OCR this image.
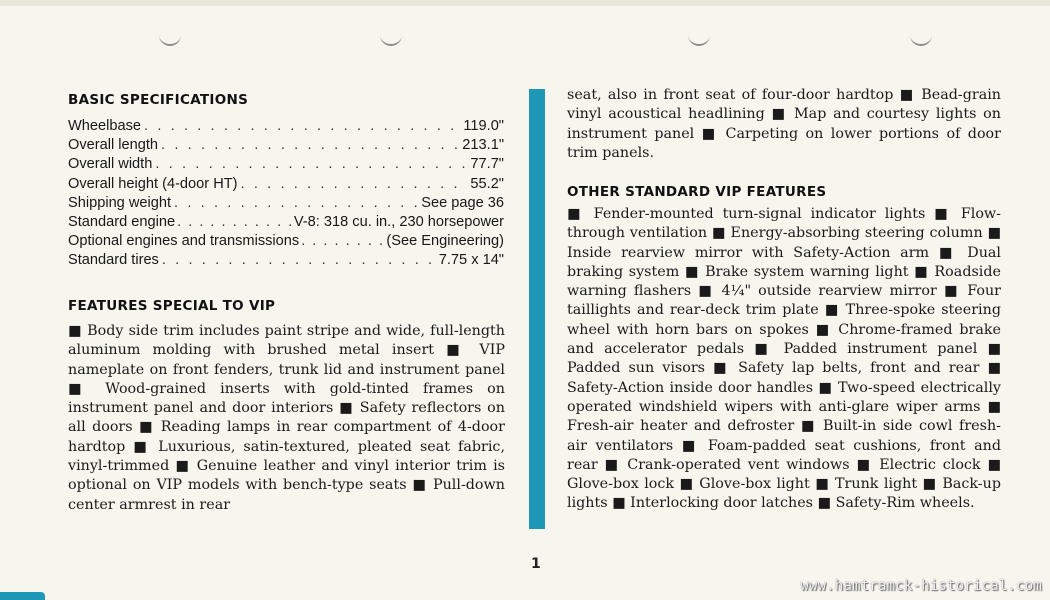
BASIC SPECIFICATIONS
Wheelbase . . .	119.0"
Overall length . . .	213.1"
Overall width . . .	77.7"
Overall height (4-door HT) . . .	55.2"
Shipping weight . . .	See page 36
Standard engine . . .	V-8: 318 cu. in., 230 horsepower
Optional engines and transmissions . . .	(See Engineering)
Standard tires . . .	7.75 x 14"
FEATURES SPECIAL TO VIP

■ Body side trim includes paint stripe and wide, full-length aluminum molding with brushed metal insert ■ VIP nameplate on front fenders, trunk lid and instrument panel ■ Wood-grained inserts with gold-tinted frames on instrument panel and door interiors ■ Safety reflectors on all doors ■ Reading lamps in rear compartment of 4-door hardtop ■ Luxurious, satin-textured, pleated seat fabric, vinyl-trimmed ■ Genuine leather and vinyl interior trim is optional on VIP models with bench-type seats ■ Pull-down center armrest in rear

seat, also in front seat of four-door hardtop ■ Bead-grain vinyl acoustical headlining ■ Map and courtesy lights on instrument panel ■ Carpeting on lower portions of door trim panels.

OTHER STANDARD VIP FEATURES

■ Fender-mounted turn-signal indicator lights ■ Flow-through ventilation ■ Energy-absorbing steering column ■ Inside rearview mirror with Safety-Action arm ■ Dual braking system ■ Brake system warning light ■ Roadside warning flashers ■ 4¼" outside rearview mirror ■ Four taillights and rear-deck trim plate ■ Three-spoke steering wheel with horn bars on spokes ■ Chrome-framed brake and accelerator pedals ■ Padded instrument panel ■ Padded sun visors ■ Safety lap belts, front and rear ■ Safety-Action inside door handles ■ Two-speed electrically operated windshield wipers with anti-glare wiper arms ■ Fresh-air heater and defroster ■ Built-in side cowl fresh-air ventilators ■ Foam-padded seat cushions, front and rear ■ Crank-operated vent windows ■ Electric clock ■ Glove-box lock ■ Glove-box light ■ Trunk light ■ Back-up lights ■ Interlocking door latches ■ Safety-Rim wheels.

1
www.hamtramck-historical.com
